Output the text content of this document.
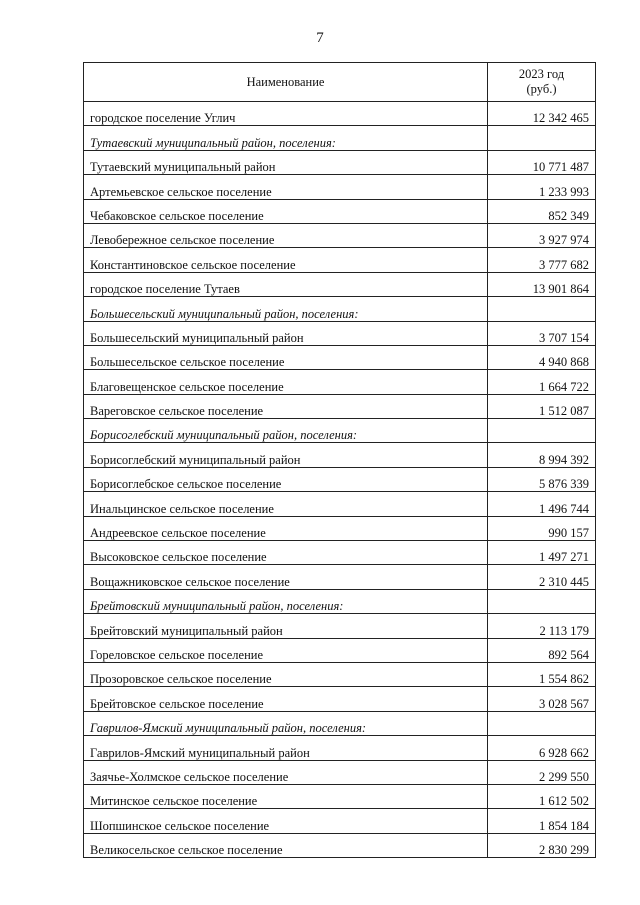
7
Наименование	2023 год
(руб.)

городское поселение Углич	12 342 465
Тутаевский муниципальный район, поселения:	
Тутаевский муниципальный район	10 771 487
Артемьевское сельское поселение	1 233 993
Чебаковское сельское поселение	852 349
Левобережное сельское поселение	3 927 974
Константиновское сельское поселение	3 777 682
городское поселение Тутаев	13 901 864
Большесельский муниципальный район, поселения:	
Большесельский муниципальный район	3 707 154
Большесельское сельское поселение	4 940 868
Благовещенское сельское поселение	1 664 722
Вареговское сельское поселение	1 512 087
Борисоглебский муниципальный район, поселения:	
Борисоглебский муниципальный район	8 994 392
Борисоглебское сельское поселение	5 876 339
Инальцинское сельское поселение	1 496 744
Андреевское сельское поселение	990 157
Высоковское сельское поселение	1 497 271
Вощажниковское сельское поселение	2 310 445
Брейтовский муниципальный район, поселения:	
Брейтовский муниципальный район	2 113 179
Гореловское сельское поселение	892 564
Прозоровское сельское поселение	1 554 862
Брейтовское сельское поселение	3 028 567
Гаврилов-Ямский муниципальный район, поселения:	
Гаврилов-Ямский муниципальный район	6 928 662
Заячье-Холмское сельское поселение	2 299 550
Митинское сельское поселение	1 612 502
Шопшинское сельское поселение	1 854 184
Великосельское сельское поселение	2 830 299
